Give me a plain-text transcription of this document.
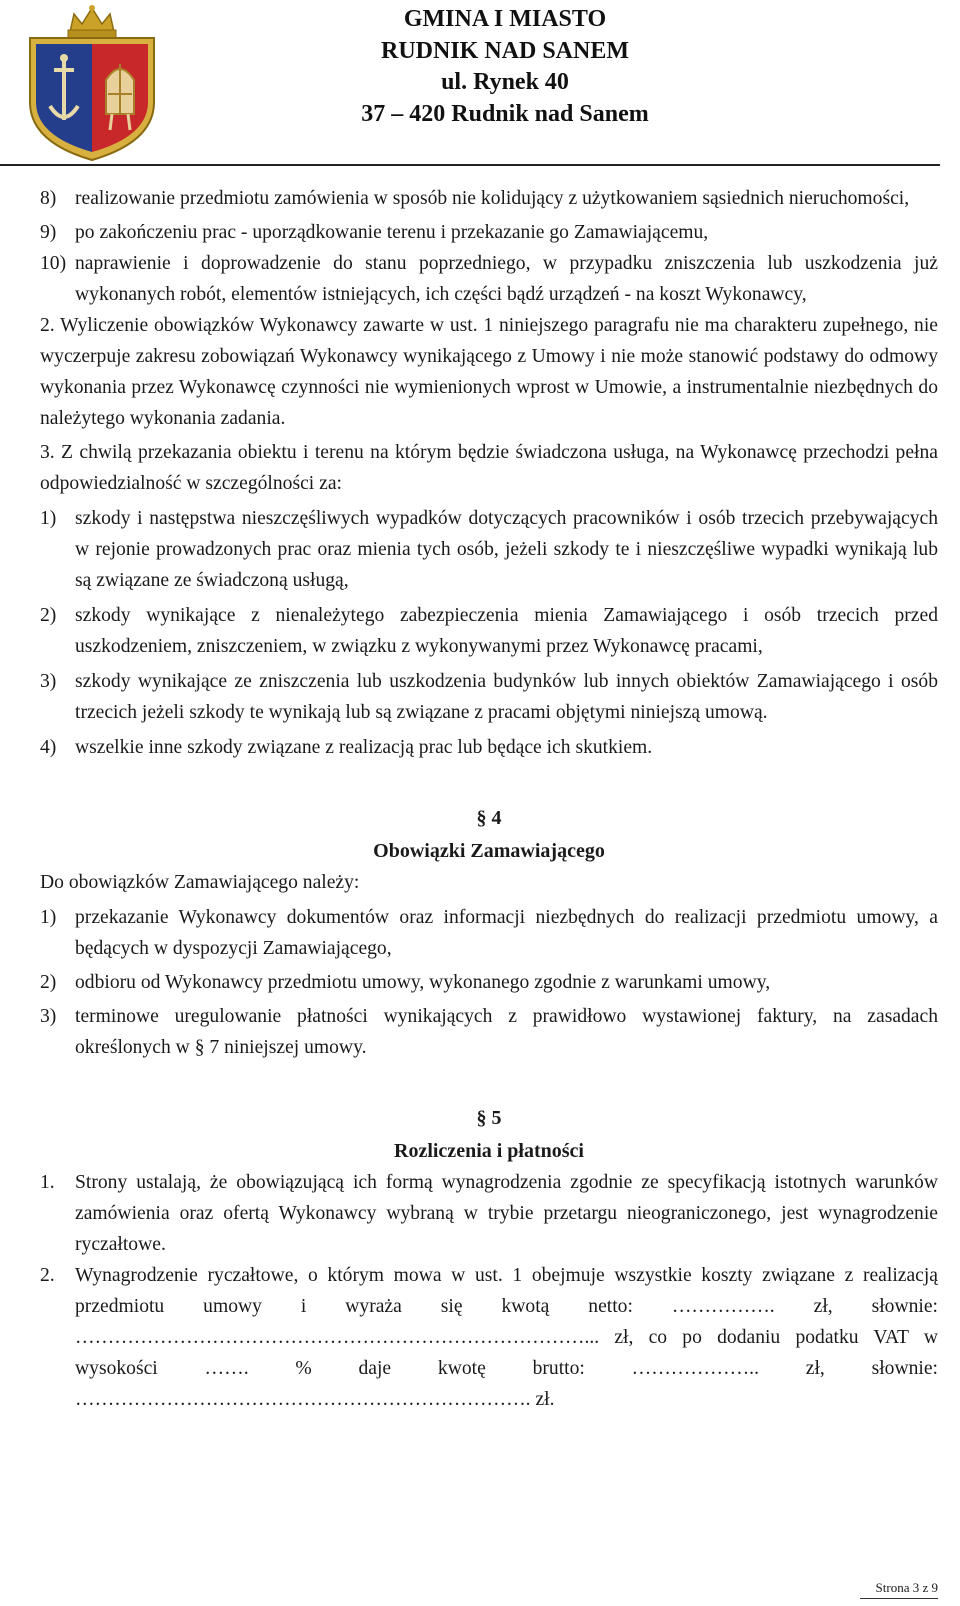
GMINA I MIASTO
RUDNIK NAD SANEM
ul. Rynek 40
37 – 420 Rudnik nad Sanem
8) realizowanie przedmiotu zamówienia w sposób nie kolidujący z użytkowaniem sąsiednich nieruchomości,
9) po zakończeniu prac - uporządkowanie terenu i przekazanie go Zamawiającemu,
10) naprawienie i doprowadzenie do stanu poprzedniego, w przypadku zniszczenia lub uszkodzenia już wykonanych robót, elementów istniejących, ich części bądź urządzeń - na koszt Wykonawcy,
2. Wyliczenie obowiązków Wykonawcy zawarte w ust. 1 niniejszego paragrafu nie ma charakteru zupełnego, nie wyczerpuje zakresu zobowiązań Wykonawcy wynikającego z Umowy i nie może stanowić podstawy do odmowy wykonania przez Wykonawcę czynności nie wymienionych wprost w Umowie, a instrumentalnie niezbędnych do należytego wykonania zadania.
3. Z chwilą przekazania obiektu i terenu na którym będzie świadczona usługa, na Wykonawcę przechodzi pełna odpowiedzialność w szczególności za:
1) szkody i następstwa nieszczęśliwych wypadków dotyczących pracowników i osób trzecich przebywających w rejonie prowadzonych prac oraz mienia tych osób, jeżeli szkody te i nieszczęśliwe wypadki wynikają lub są związane ze świadczoną usługą,
2) szkody wynikające z nienależytego zabezpieczenia mienia Zamawiającego i osób trzecich przed uszkodzeniem, zniszczeniem, w związku z wykonywanymi przez Wykonawcę pracami,
3) szkody wynikające ze zniszczenia lub uszkodzenia budynków lub innych obiektów Zamawiającego i osób trzecich jeżeli szkody te wynikają lub są związane z pracami objętymi niniejszą umową.
4) wszelkie inne szkody związane z realizacją prac lub będące ich skutkiem.
§ 4
Obowiązki Zamawiającego
Do obowiązków Zamawiającego należy:
1) przekazanie Wykonawcy dokumentów oraz informacji niezbędnych do realizacji przedmiotu umowy, a będących w dyspozycji Zamawiającego,
2) odbioru od Wykonawcy przedmiotu umowy, wykonanego zgodnie z warunkami umowy,
3) terminowe uregulowanie płatności wynikających z prawidłowo wystawionej faktury, na zasadach określonych w § 7 niniejszej umowy.
§ 5
Rozliczenia i płatności
1. Strony ustalają, że obowiązującą ich formą wynagrodzenia zgodnie ze specyfikacją istotnych warunków zamówienia oraz ofertą Wykonawcy wybraną w trybie przetargu nieograniczonego, jest wynagrodzenie ryczałtowe.
2. Wynagrodzenie ryczałtowe, o którym mowa w ust. 1 obejmuje wszystkie koszty związane z realizacją przedmiotu umowy i wyraża się kwotą netto: ……………. zł, słownie: ……………………………………………………………………... zł, co po dodaniu podatku VAT w wysokości ……. % daje kwotę brutto: ……………….. zł, słownie: ……………………………………………………………. zł.
Strona 3 z 9
